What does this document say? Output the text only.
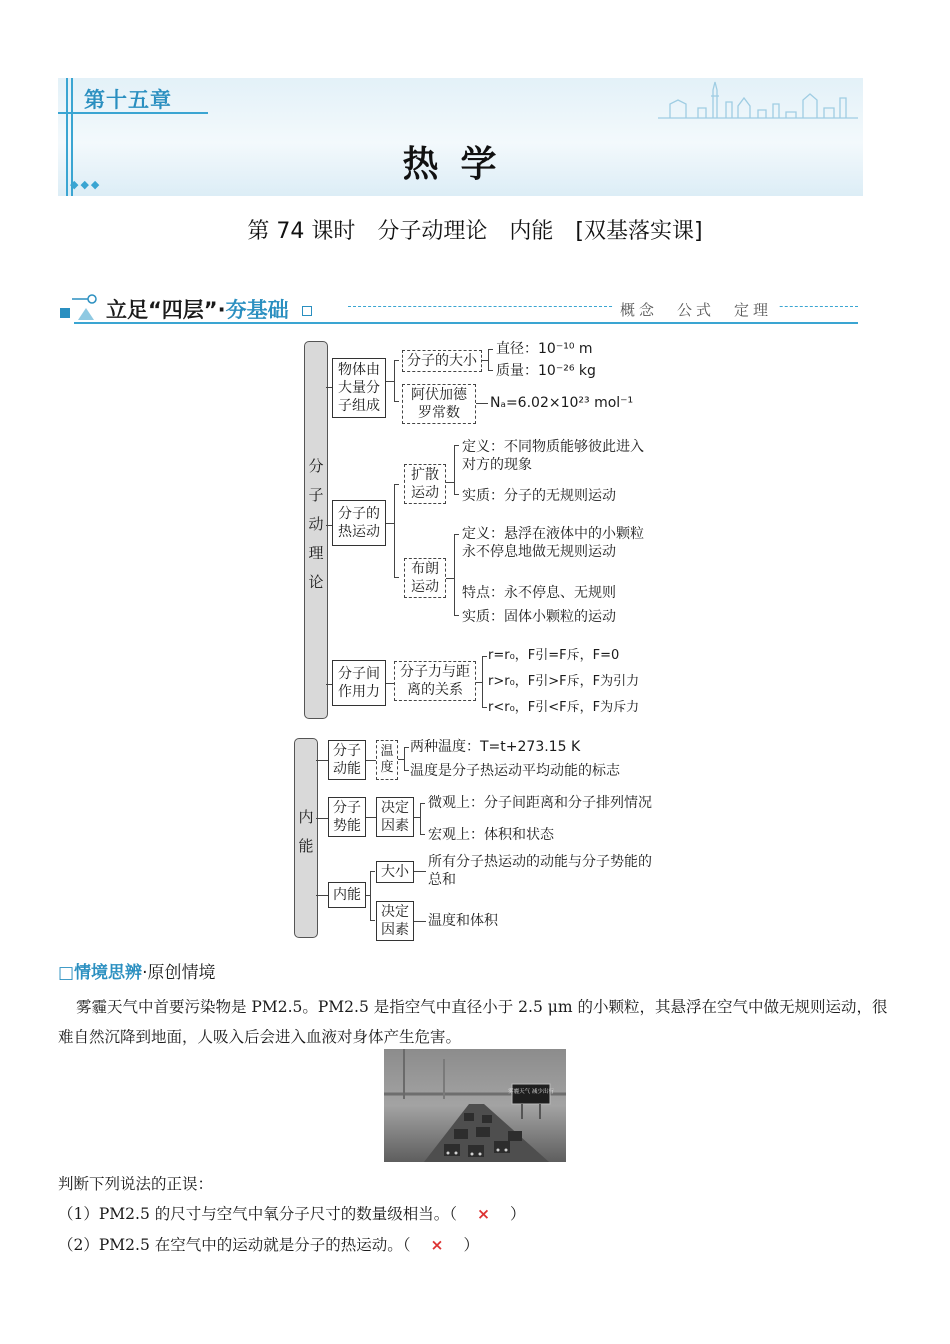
第十五章
热学
◆◆◆
第 74 课时　分子动理论　内能　[双基落实课]
立足“四层”·夯基础	概念　公式　定理
分子动理论
物体由大量分子组成
分子的大小
直径：10⁻¹⁰ m
质量：10⁻²⁶ kg
阿伏加德罗常数
Nₐ=6.02×10²³ mol⁻¹
分子的热运动
扩散运动
定义：不同物质能够彼此进入对方的现象
实质：分子的无规则运动
布朗运动
定义：悬浮在液体中的小颗粒永不停息地做无规则运动
特点：永不停息、无规则
实质：固体小颗粒的运动
分子间作用力
分子力与距离的关系
r=r₀，F引=F斥，F=0
r>r₀，F引>F斥，F为引力
r<r₀，F引<F斥，F为斥力
内能
分子动能
温度
两种温度：T=t+273.15 K
温度是分子热运动平均动能的标志
分子势能
决定因素
微观上：分子间距离和分子排列情况
宏观上：体积和状态
内能
大小
所有分子热运动的动能与分子势能的总和
决定因素
温度和体积
□情境思辨·原创情境
雾霾天气中首要污染物是 PM2.5。PM2.5 是指空气中直径小于 2.5 μm 的小颗粒，其悬浮在空气中做无规则运动，很难自然沉降到地面，人吸入后会进入血液对身体产生危害。
雾霾天气 减少出行
判断下列说法的正误：
（1）PM2.5 的尺寸与空气中氧分子尺寸的数量级相当。（ × ）
（2）PM2.5 在空气中的运动就是分子的热运动。（ × ）
